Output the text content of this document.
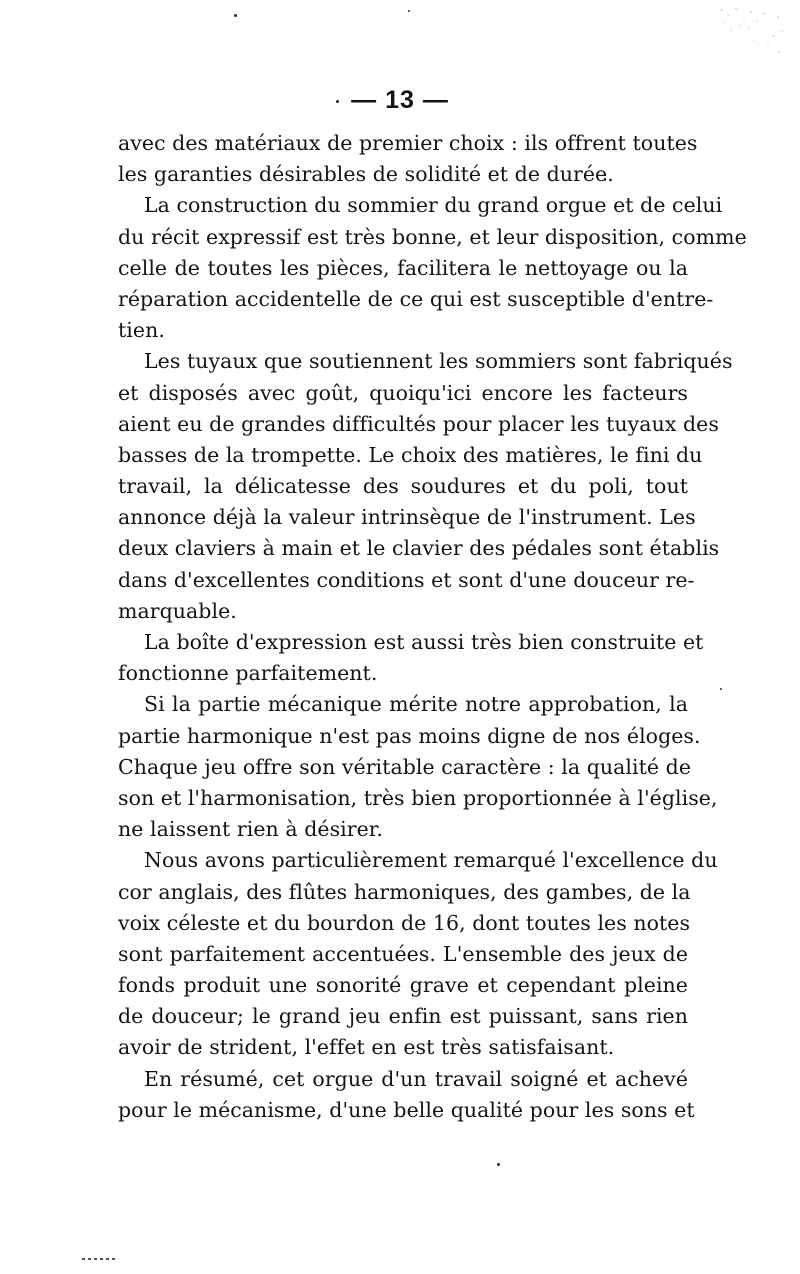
— 13 —
avec des matériaux de premier choix : ils offrent toutes
les garanties désirables de solidité et de durée.
La construction du sommier du grand orgue et de celui
du récit expressif est très bonne, et leur disposition, comme
celle de toutes les pièces, facilitera le nettoyage ou la
réparation accidentelle de ce qui est susceptible d'entre-
tien.
Les tuyaux que soutiennent les sommiers sont fabriqués
et disposés avec goût, quoiqu'ici encore les facteurs
aient eu de grandes difficultés pour placer les tuyaux des
basses de la trompette. Le choix des matières, le fini du
travail, la délicatesse des soudures et du poli, tout
annonce déjà la valeur intrinsèque de l'instrument. Les
deux claviers à main et le clavier des pédales sont établis
dans d'excellentes conditions et sont d'une douceur re-
marquable.
La boîte d'expression est aussi très bien construite et
fonctionne parfaitement.
Si la partie mécanique mérite notre approbation, la
partie harmonique n'est pas moins digne de nos éloges.
Chaque jeu offre son véritable caractère : la qualité de
son et l'harmonisation, très bien proportionnée à l'église,
ne laissent rien à désirer.
Nous avons particulièrement remarqué l'excellence du
cor anglais, des flûtes harmoniques, des gambes, de la
voix céleste et du bourdon de 16, dont toutes les notes
sont parfaitement accentuées. L'ensemble des jeux de
fonds produit une sonorité grave et cependant pleine
de douceur; le grand jeu enfin est puissant, sans rien
avoir de strident, l'effet en est très satisfaisant.
En résumé, cet orgue d'un travail soigné et achevé
pour le mécanisme, d'une belle qualité pour les sons et
